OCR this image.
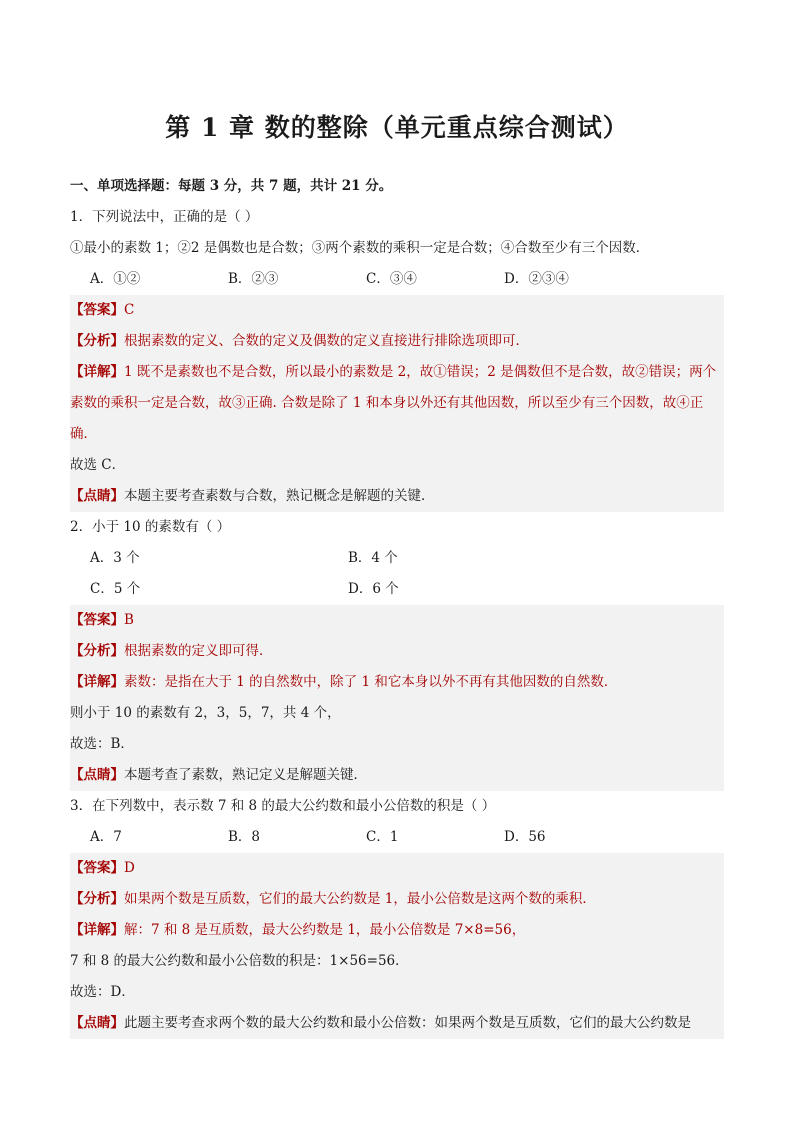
第 1 章 数的整除（单元重点综合测试）
一、单项选择题：每题 3 分，共 7 题，共计 21 分。
1．下列说法中，正确的是（ ）
①最小的素数 1；②2 是偶数也是合数；③两个素数的乘积一定是合数；④合数至少有三个因数．
A．①②	B．②③	C．③④	D．②③④
【答案】C
【分析】根据素数的定义、合数的定义及偶数的定义直接进行排除选项即可．
【详解】1 既不是素数也不是合数，所以最小的素数是 2，故①错误；2 是偶数但不是合数，故②错误；两个素数的乘积一定是合数，故③正确. 合数是除了 1 和本身以外还有其他因数，所以至少有三个因数，故④正确．
故选 C．
【点睛】本题主要考查素数与合数，熟记概念是解题的关键．
2．小于 10 的素数有（ ）
A．3 个	B．4 个
C．5 个	D．6 个
【答案】B
【分析】根据素数的定义即可得．
【详解】素数：是指在大于 1 的自然数中，除了 1 和它本身以外不再有其他因数的自然数．
则小于 10 的素数有 2，3，5，7，共 4 个，
故选：B．
【点睛】本题考查了素数，熟记定义是解题关键．
3．在下列数中，表示数 7 和 8 的最大公约数和最小公倍数的积是（ ）
A．7	B．8	C．1	D．56
【答案】D
【分析】如果两个数是互质数，它们的最大公约数是 1，最小公倍数是这两个数的乘积．
【详解】解：7 和 8 是互质数，最大公约数是 1，最小公倍数是 7×8=56，
7 和 8 的最大公约数和最小公倍数的积是：1×56=56．
故选：D．
【点睛】此题主要考查求两个数的最大公约数和最小公倍数：如果两个数是互质数，它们的最大公约数是
